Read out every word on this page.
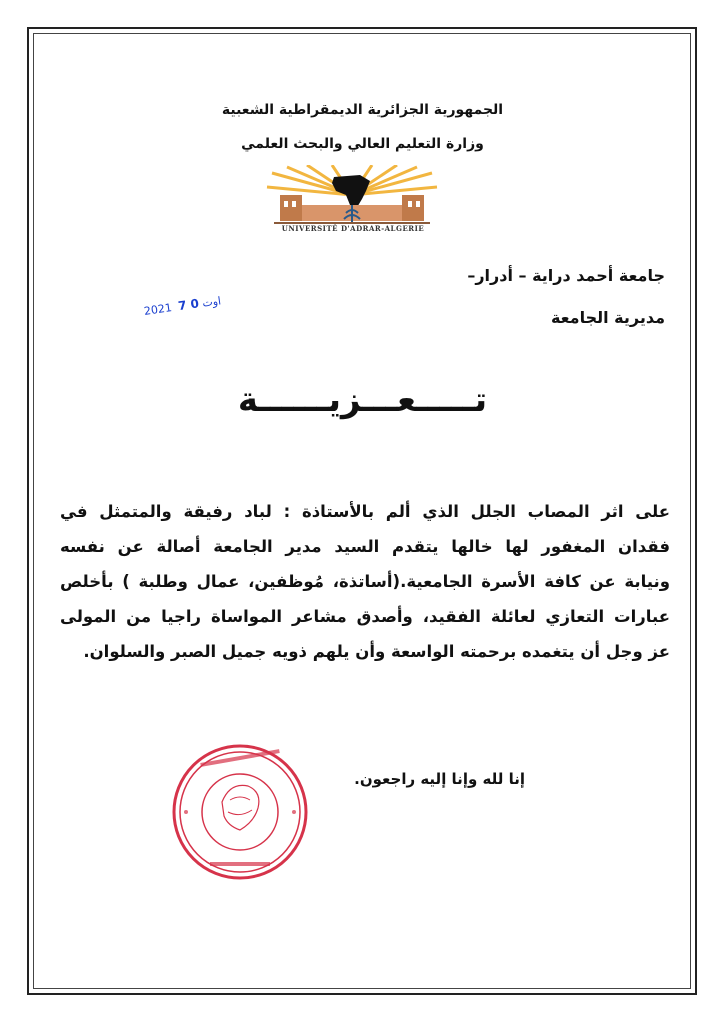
الجمهورية الجزائرية الديمقراطية الشعبية
وزارة التعليم العالي والبحث العلمي
UNIVERSITÉ D'ADRAR-ALGERIE
جامعة أحمد دراية – أدرار–
مديرية الجامعة
2021 اوت 0 7
تـــــعـــزيــــــة
على اثر المصاب الجلل الذي ألم بالأستاذة : لباد رفيقة والمتمثل في
فقدان المغفور لها خالها يتقدم السيد مدير الجامعة أصالة عن نفسه
ونيابة عن كافة الأسرة الجامعية.(أساتذة، مُوظفين، عمال وطلبة ) بأخلص
عبارات التعازي لعائلة الفقيد، وأصدق مشاعر المواساة راجيا من المولى
عز وجل أن يتغمده برحمته الواسعة وأن يلهم ذويه جميل الصبر والسلوان.
إنا لله وإنا إليه راجعون.
